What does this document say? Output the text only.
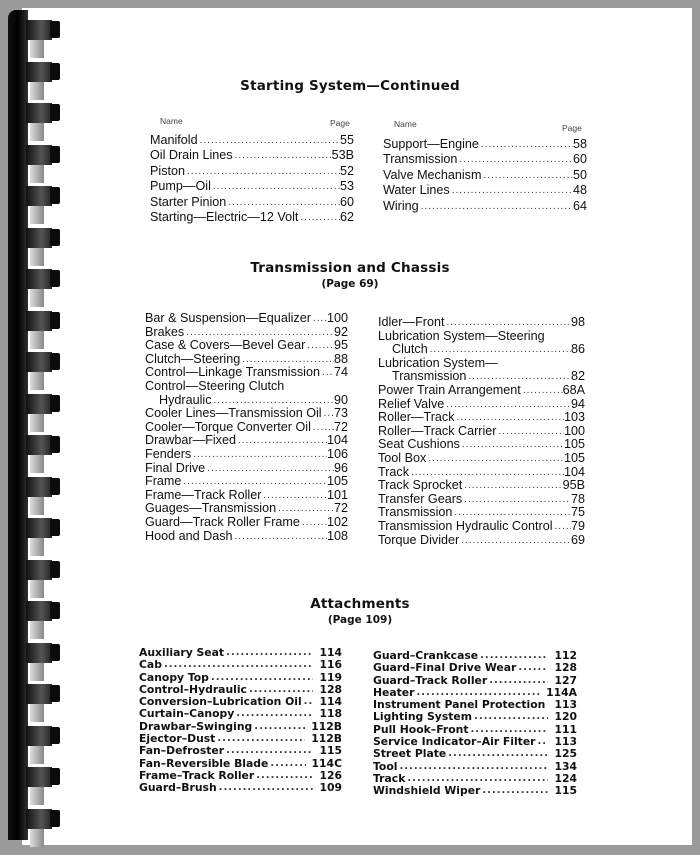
Starting System—Continued
Name	Page	Name	Page
Manifold .....	55
Oil Drain Lines .....	53B
Piston .....	52
Pump—Oil .....	53
Starter Pinion .....	60
Starting—Electric—12 Volt .....	62
Support—Engine .....	58
Transmission .....	60
Valve Mechanism .....	50
Water Lines .....	48
Wiring .....	64
Transmission and Chassis
(Page 69)
Bar & Suspension—Equalizer ..... 100
Brakes .....	92
Case & Covers—Bevel Gear ..... 95
Clutch—Steering .....	88
Control—Linkage Transmission ..... 74
Control—Steering Clutch
Hydraulic .....	90
Cooler Lines—Transmission Oil ..... 73
Cooler—Torque Converter Oil ..... 72
Drawbar—Fixed .....	104
Fenders .....	106
Final Drive .....	96
Frame .....	105
Frame—Track Roller .....	101
Guages—Transmission .....	72
Guard—Track Roller Frame ..... 102
Hood and Dash .....	108
Idler—Front .....	98
Lubrication System—Steering
Clutch .....	86
Lubrication System—
Transmission .....	82
Power Train Arrangement .....	68A
Relief Valve .....	94
Roller—Track .....	103
Roller—Track Carrier .....	100
Seat Cushions .....	105
Tool Box .....	105
Track .....	104
Track Sprocket .....	95B
Transfer Gears .....	78
Transmission .....	75
Transmission Hydraulic Control ..... 79
Torque Divider .....	69
Attachments
(Page 109)
Auxiliary Seat .....	114
Cab .....	116
Canopy Top .....	119
Control–Hydraulic .....	128
Conversion–Lubrication Oil .....	114
Curtain–Canopy .....	118
Drawbar–Swinging .....	112B
Ejector–Dust .....	112B
Fan–Defroster .....	115
Fan–Reversible Blade .....	114C
Frame–Track Roller .....	126
Guard–Brush .....	109
Guard–Crankcase .....	112
Guard–Final Drive Wear .....	128
Guard–Track Roller .....	127
Heater .....	114A
Instrument Panel Protection ..... 113
Lighting System .....	120
Pull Hook–Front .....	111
Service Indicator–Air Filter .....	113
Street Plate .....	125
Tool .....	134
Track .....	124
Windshield Wiper .....	115
